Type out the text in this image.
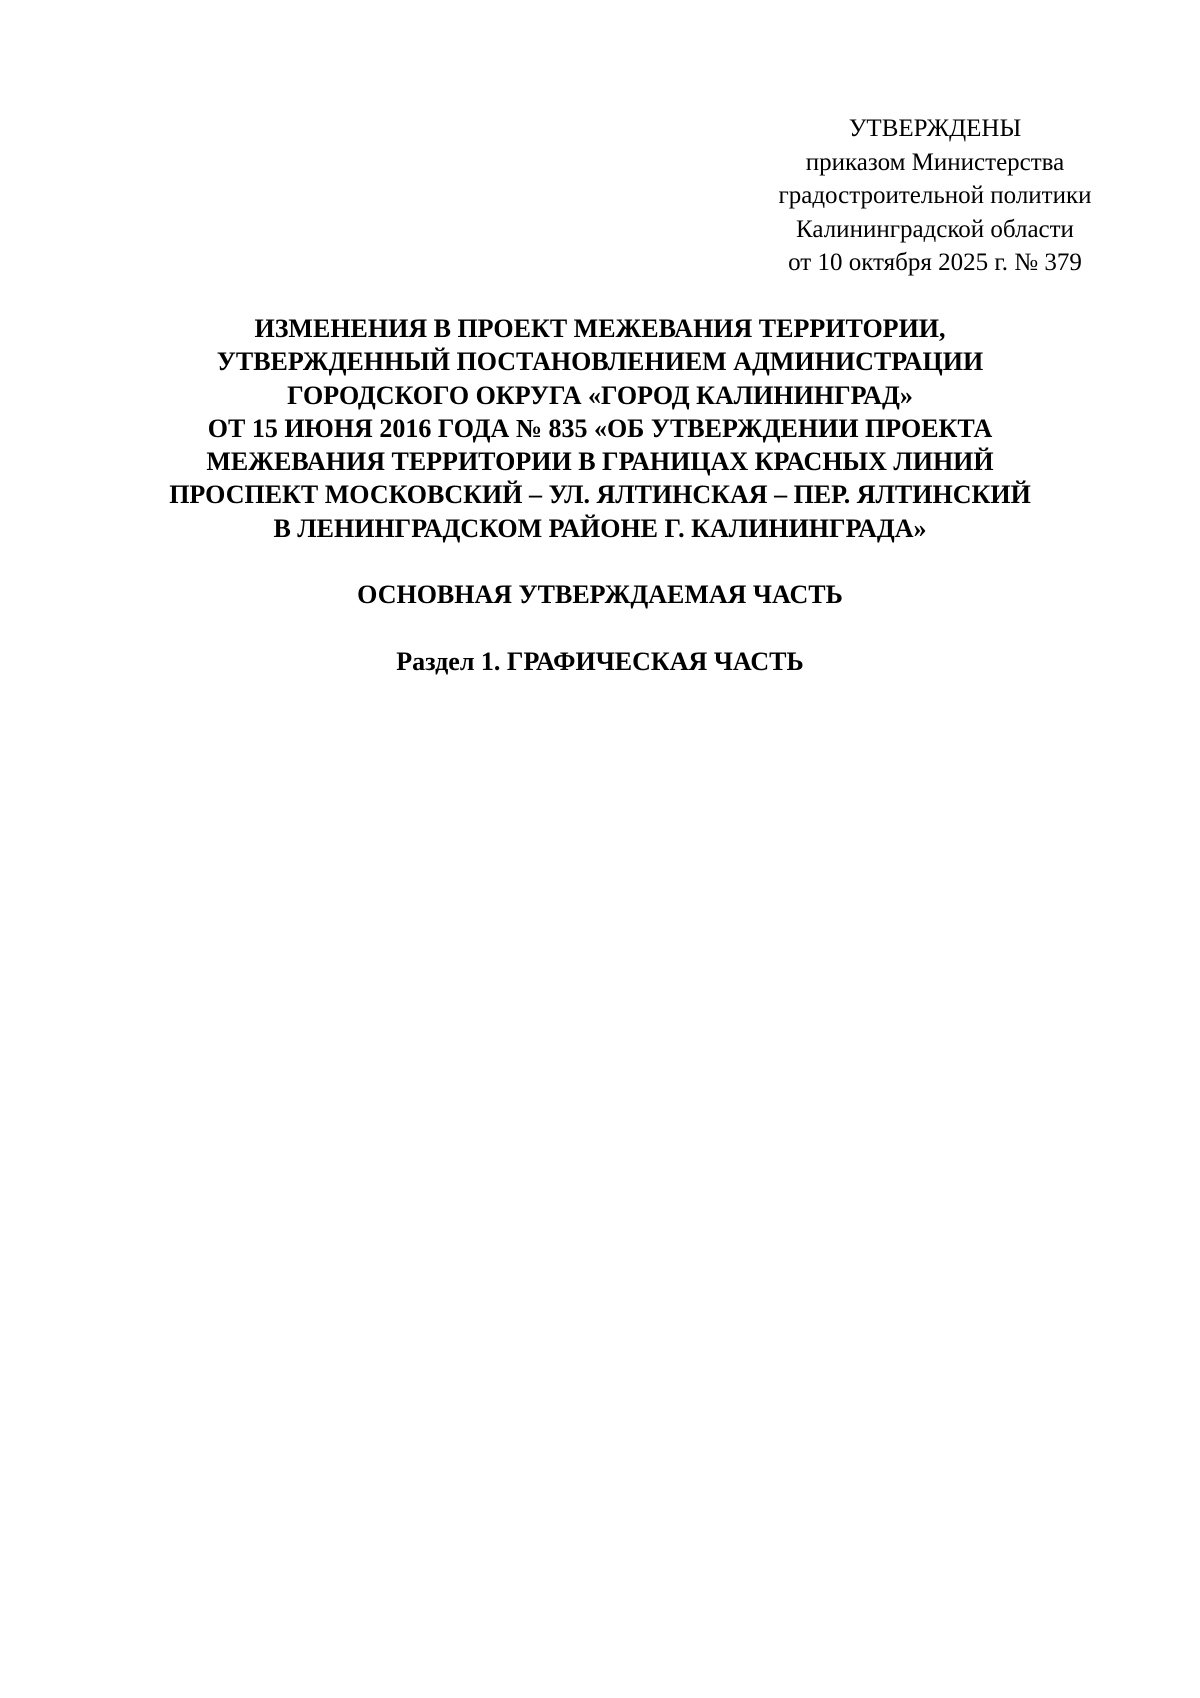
УТВЕРЖДЕНЫ
приказом Министерства
градостроительной политики
Калининградской области
от 10 октября 2025 г. № 379
ИЗМЕНЕНИЯ В ПРОЕКТ МЕЖЕВАНИЯ ТЕРРИТОРИИ,
УТВЕРЖДЕННЫЙ ПОСТАНОВЛЕНИЕМ АДМИНИСТРАЦИИ
ГОРОДСКОГО ОКРУГА «ГОРОД КАЛИНИНГРАД»
ОТ 15 ИЮНЯ 2016 ГОДА № 835 «ОБ УТВЕРЖДЕНИИ ПРОЕКТА
МЕЖЕВАНИЯ ТЕРРИТОРИИ В ГРАНИЦАХ КРАСНЫХ ЛИНИЙ
ПРОСПЕКТ МОСКОВСКИЙ – УЛ. ЯЛТИНСКАЯ – ПЕР. ЯЛТИНСКИЙ
В ЛЕНИНГРАДСКОМ РАЙОНЕ Г. КАЛИНИНГРАДА»
ОСНОВНАЯ УТВЕРЖДАЕМАЯ ЧАСТЬ
Раздел 1. ГРАФИЧЕСКАЯ ЧАСТЬ
